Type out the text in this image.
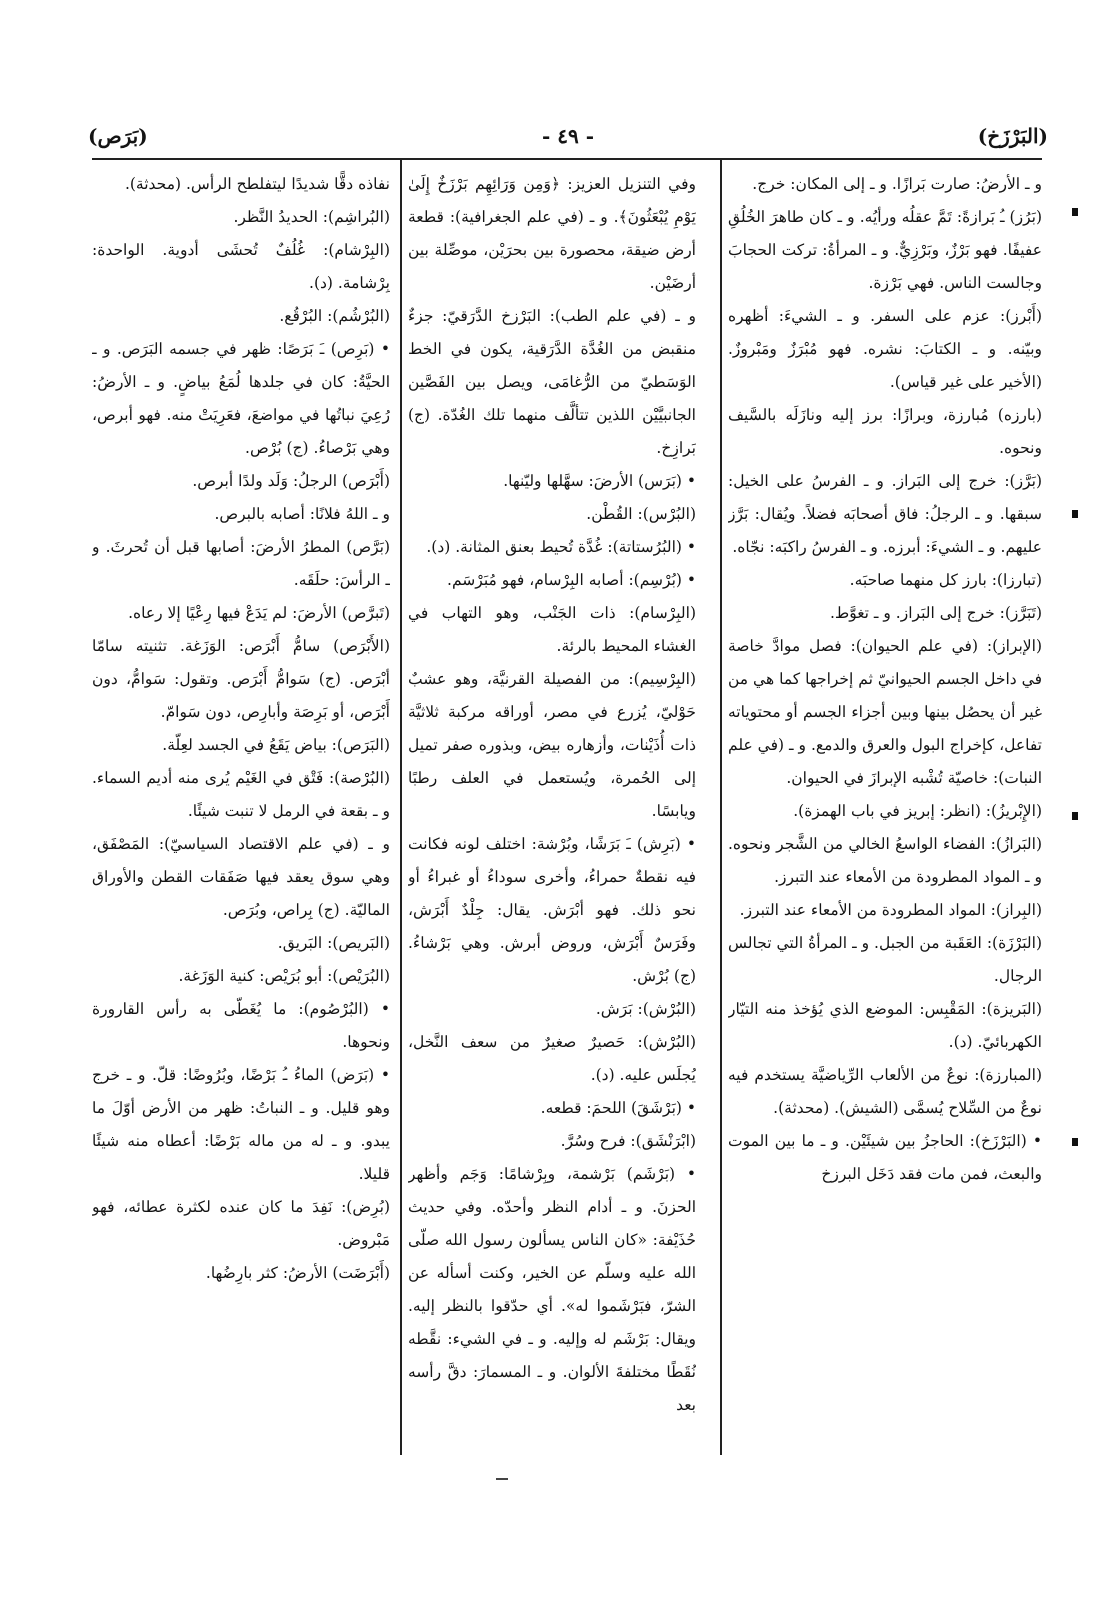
(البَرْزَخ)
- ٤٩ -
(بَرَص)

و ـ الأرضُ: صارت بَرازًا. و ـ إلى المكان: خرج.

(بَرُز) ـُ بَرازةً: تَمَّ عقلُه ورأيُه. و ـ كان طاهرَ الخُلُقِ عفيفًا. فهو بَرْزٌ، وبَرْزِيٌّ. و ـ المرأةُ: تركت الحجابَ وجالست الناس. فهي بَرْزة.

(أَبْرز): عزم على السفر. و ـ الشيءَ: أظهره وبيّنه. و ـ الكتابَ: نشره. فهو مُبْرَزٌ ومَبْروزٌ. (الأخير على غير قياس).

(بارزه) مُبارزة، وبرازًا: برز إليه ونازَلَه بالسَّيف ونحوه.

(بَرَّز): خرج إلى البَراز. و ـ الفرسُ على الخيل: سبقها. و ـ الرجلُ: فاق أصحابَه فضلاً. ويُقال: بَرَّز عليهم. و ـ الشيءَ: أبرزه. و ـ الفرسُ راكبَه: نجّاه.

(تبارزا): بارز كل منهما صاحبَه.

(تَبَرَّز): خرج إلى البَراز. و ـ تغوَّط.

(الإبراز): (في علم الحيوان): فصل موادَّ خاصة في داخل الجسم الحيوانيّ ثم إخراجها كما هي من غير أن يحصُل بينها وبين أجزاء الجسم أو محتوياته تفاعل، كإخراج البول والعرق والدمع. و ـ (في علم النبات): خاصيّة تُشْبه الإبرازَ في الحيوان.

(الإِبْريزُ): (انظر: إبريز في باب الهمزة).

(البَرازُ): الفضاء الواسعُ الخالي من الشَّجر ونحوه. و ـ المواد المطرودة من الأمعاء عند التبرز.

(البِراز): المواد المطرودة من الأمعاء عند التبرز.

(البَرْزَة): العَقَبة من الجبل. و ـ المرأةُ التي تجالس الرجال.

(البَريزة): المَقْبِس: الموضع الذي يُؤخذ منه التيّار الكهربائيّ. (د).

(المبارزة): نوعٌ من الألعاب الرِّياضيَّة يستخدم فيه نوعٌ من السِّلاح يُسمَّى (الشيش). (محدثة).

• (البَرْزَخ): الحاجزُ بين شيئَيْن. و ـ ما بين الموت والبعث، فمن مات فقد دَخَل البرزخ

وفي التنزيل العزيز: ﴿وَمِن وَرَائِهِم بَرْزَخٌ إِلَىٰ يَوْمِ يُبْعَثُونَ﴾. و ـ (في علم الجغرافية): قطعة أرض ضيقة، محصورة بين بحرَيْن، موصِّلة بين أرضَيْن.

و ـ (في علم الطب): البَرْزخ الدَّرَقيّ: جزءٌ منقبض من الغُدَّة الدَّرَقية، يكون في الخط الوَسَطيّ من الرُّغامَى، ويصل بين الفَصَّين الجانبيَّيْن اللذين تتألَّف منهما تلك الغُدّة. (ج) بَرازِخ.

• (بَرَس) الأرضَ: سهَّلها وليّنها.

(البُرْس): القُطْن.

• (البُرُستاتة): غُدَّة تُحيط بعنق المثانة. (د).

• (بُرْسِم): أصابه البِرْسام، فهو مُبَرْسَم.

(البِرْسام): ذات الجَنْب، وهو التهاب في الغشاء المحيط بالرئة.

(البِرْسِيم): من الفصيلة القرنيَّة، وهو عشبٌ حَوْليّ، يُزرع في مصر، أوراقه مركبة ثلاثيَّة ذات أُذَيْنات، وأزهاره بيض، وبذوره صفر تميل إلى الحُمرة، ويُستعمل في العلف رطبًا ويابسًا.

• (بَرِش) ـَ بَرَشًا، وبُرْشة: اختلف لونه فكانت فيه نقطةٌ حمراءُ، وأخرى سوداءُ أو غبراءُ أو نحو ذلك. فهو أبْرَش. يقال: جِلْدٌ أَبْرَش، وفَرَسٌ أَبْرَش، وروض أبرش. وهي بَرْشاءُ. (ج) بُرْش.

(البُرْش): بَرَش.

(البُرْش): حَصيرٌ صغيرٌ من سعف النَّخل، يُجلَس عليه. (د).

• (بَرْشَقَ) اللحمَ: قطعه.

(ابْرَنْشَق): فرح وسُرَّ.

• (بَرْشَم) بَرْشمة، وبِرْشامًا: وَجَم وأظهر الحزنَ. و ـ أدام النظر وأحدّه. وفي حديث حُذَيْفة: «كان الناس يسألون رسول الله صلّى الله عليه وسلّم عن الخير، وكنت أسأله عن الشرّ، فبَرْشَموا له». أي حدّقوا بالنظر إليه. ويقال: بَرْشَم له وإليه. و ـ في الشيء: نقَّطه نُقَطًا مختلفةَ الألوان. و ـ المسمارَ: دقَّ رأسه بعد

نفاذه دقًّا شديدًا ليتفلطح الرأس. (محدثة).

(البُراشِم): الحديدُ النَّظر.

(البِرْشام): غُلُفٌ تُحشَى أدوية. الواحدة: بِرْشامة. (د).

(البُرْشُم): البُرْقُع.

• (بَرِص) ـَ بَرَصًا: ظهر في جسمه البَرَص. و ـ الحيَّةُ: كان في جلدها لُمَعُ بياضٍ. و ـ الأرضُ: رُعِيَ نباتُها في مواضعَ، فعَرِيَتْ منه. فهو أبرص، وهي بَرْصاءُ. (ج) بُرْص.

(أَبْرَص) الرجلُ: وَلَد ولدًا أبرص.

و ـ اللهُ فلانًا: أصابه بالبرص.

(بَرَّص) المطرُ الأرضَ: أصابها قبل أن تُحرثَ. و ـ الرأسَ: حلَقَه.

(تَبرَّص) الأرضَ: لم يَدَعْ فيها رِعْيًا إلا رعاه.

(الأَبْرَص) سامُّ أَبْرَص: الوَزَغة. تثنيته سامّا أبْرَص. (ج) سَوامُّ أَبْرَص. وتقول: سَوامُّ، دون أَبْرَص، أو بَرِصَة وأبارِص، دون سَوامّ.

(البَرَص): بياض يَقَعُ في الجسد لعِلّة.

(البُرْصة): فَتْق في الغَيْم يُرى منه أديم السماء. و ـ بقعة في الرمل لا تنبت شيئًا.

و ـ (في علم الاقتصاد السياسيّ): المَصْفَق، وهي سوق يعقد فيها صَفَقات القطن والأوراق الماليّة. (ج) بِراص، وبُرَص.

(البَريص): البَريق.

(البُرَيْص): أبو بُرَيْص: كنية الوَزَغة.

• (البُرْصُوم): ما يُغَطّى به رأس القارورة ونحوها.

• (بَرَض) الماءُ ـُ بَرْضًا، وبُرُوضًا: قلّ. و ـ خرج وهو قليل. و ـ النباتُ: ظهر من الأرض أوّلَ ما يبدو. و ـ له من ماله بَرْضًا: أعطاه منه شيئًا قليلا.

(بُرِض): نَفِدَ ما كان عنده لكثرة عطائه، فهو مَبْروض.

(أَبْرَضَت) الأرضُ: كثر بارِضُها.
